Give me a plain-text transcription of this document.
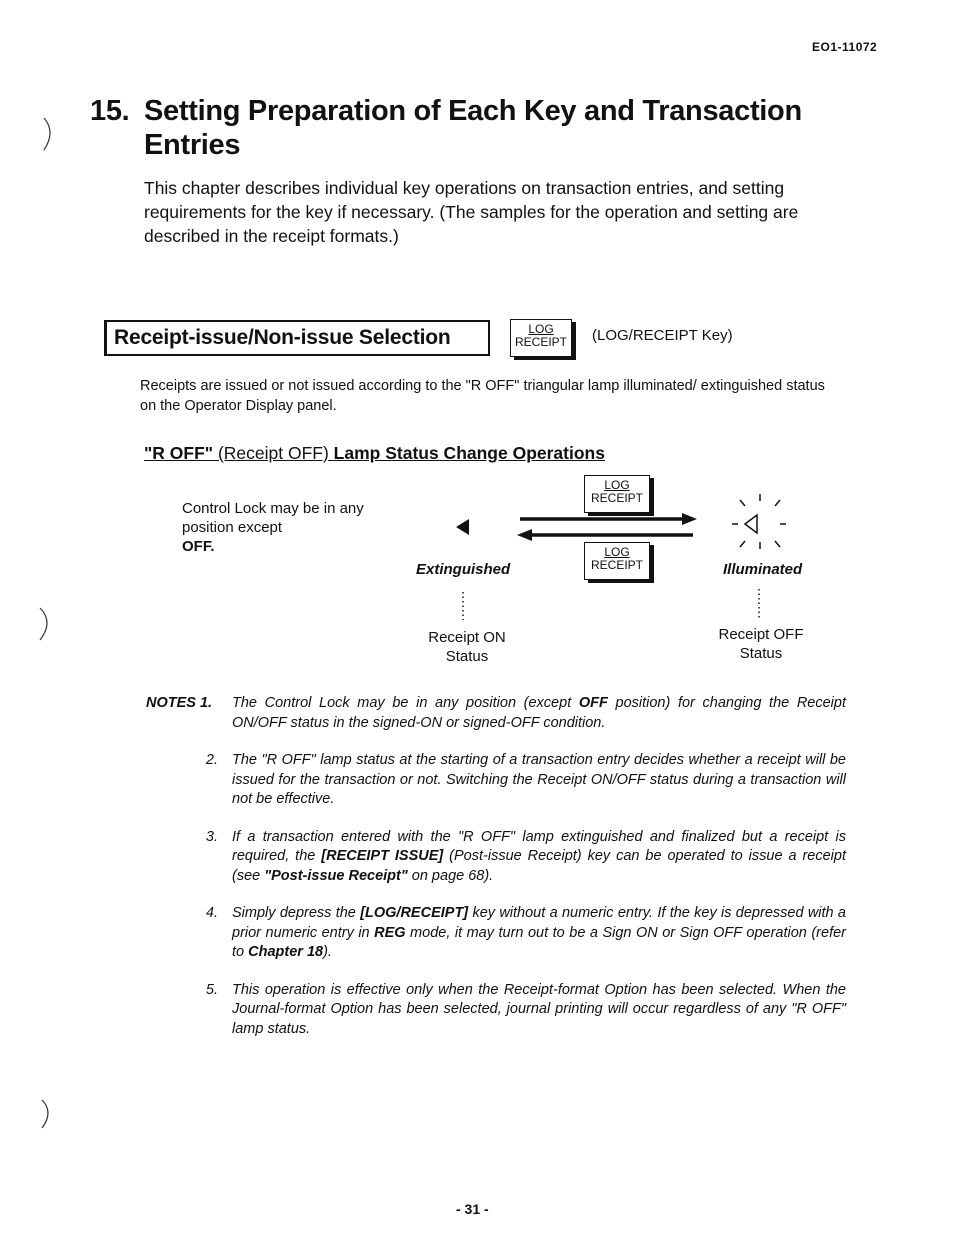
EO1-11072
15. Setting Preparation of Each Key and Transaction
Entries
This chapter describes individual key operations on transaction entries, and setting requirements for the key if necessary. (The samples for the operation and setting are described in the receipt formats.)
Receipt-issue/Non-issue Selection	LOG
RECEIPT (LOG/RECEIPT Key)
Receipts are issued or not issued according to the "R OFF" triangular lamp illuminated/ extinguished status on the Operator Display panel.
"R OFF" (Receipt OFF) Lamp Status Change Operations
Control Lock may be in any position except
OFF.
LOG
RECEIPT
LOG
RECEIPT
Extinguished	Illuminated
Receipt ON
Status
Receipt OFF
Status
NOTES 1.	The Control Lock may be in any position (except OFF position) for changing the Receipt ON/OFF status in the signed-ON or signed-OFF condition.
2. The "R OFF" lamp status at the starting of a transaction entry decides whether a receipt will be issued for the transaction or not. Switching the Receipt ON/OFF status during a transaction will not be effective.
3. If a transaction entered with the "R OFF" lamp extinguished and finalized but a receipt is required, the [RECEIPT ISSUE] (Post-issue Receipt) key can be operated to issue a receipt (see "Post-issue Receipt" on page 68).
4. Simply depress the [LOG/RECEIPT] key without a numeric entry. If the key is depressed with a prior numeric entry in REG mode, it may turn out to be a Sign ON or Sign OFF operation (refer to Chapter 18).
5. This operation is effective only when the Receipt-format Option has been selected. When the Journal-format Option has been selected, journal printing will occur regardless of any "R OFF" lamp status.
- 31 -
